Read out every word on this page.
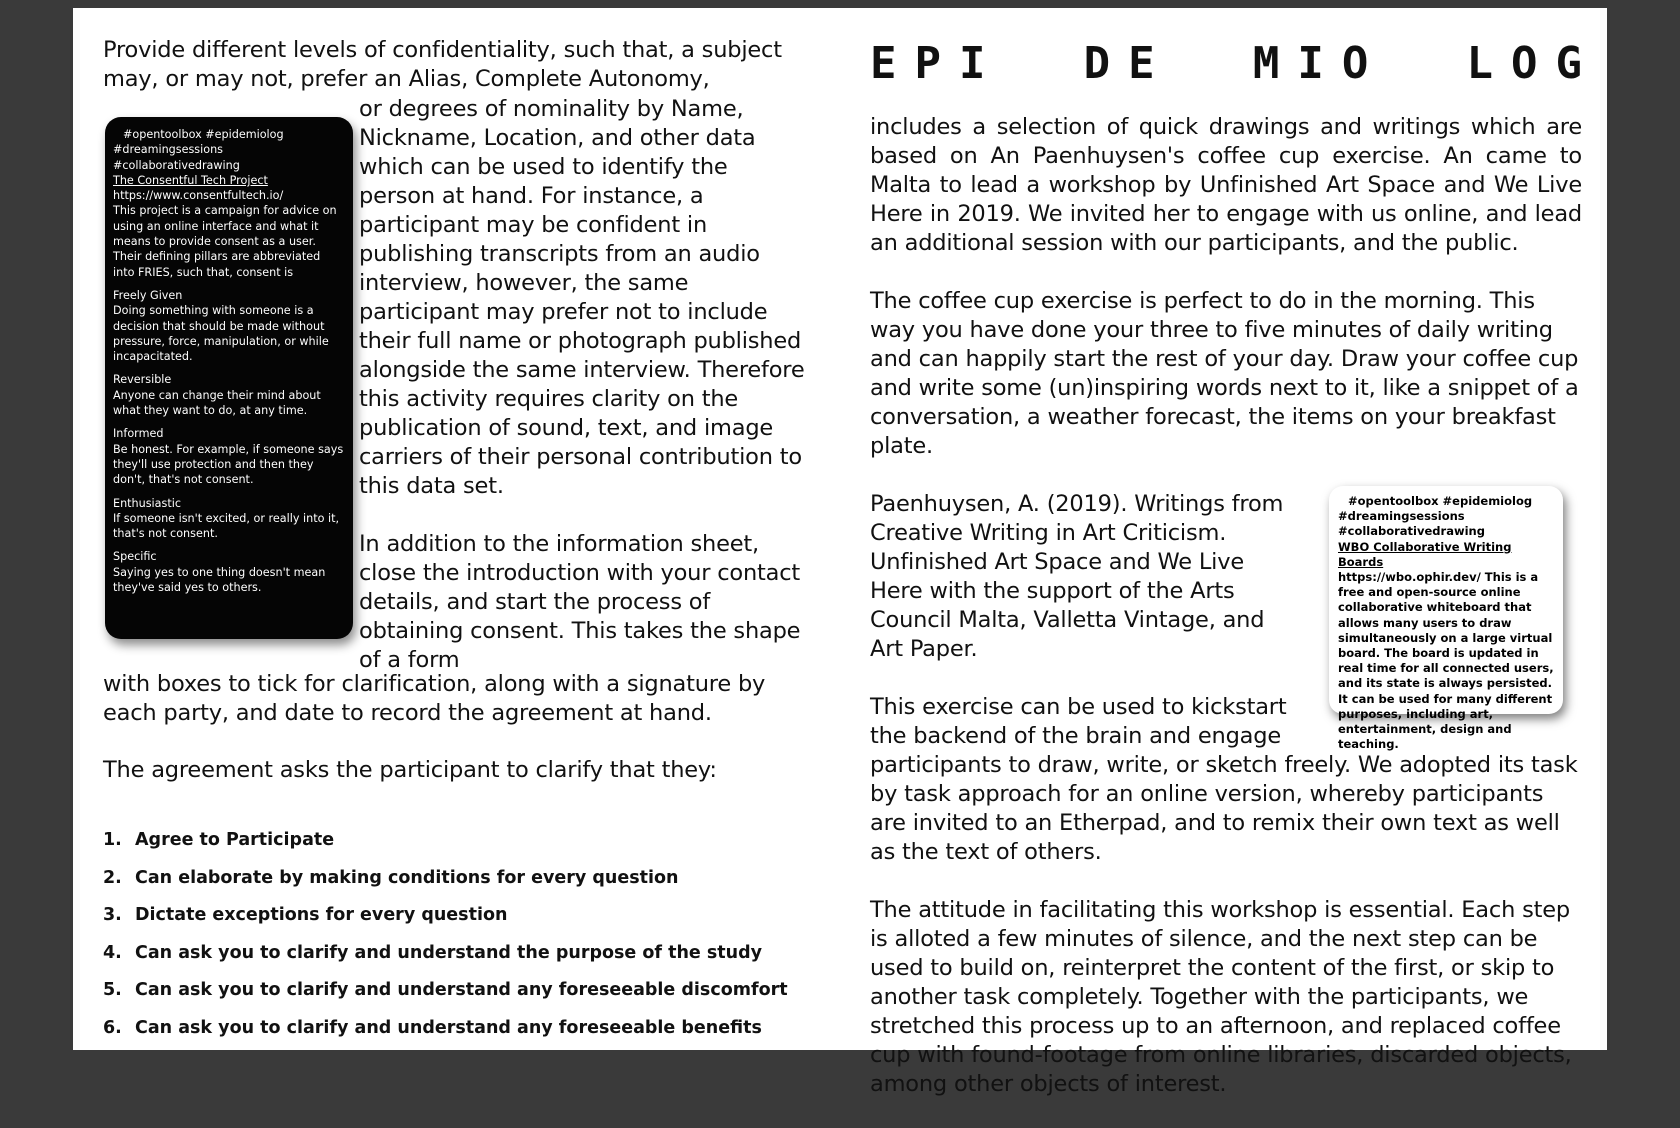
Provide different levels of confidentiality, such that, a subject

may, or may not, prefer an Alias, Complete Autonomy,

#opentoolbox #epidemiolog

#dreamingsessions

#collaborativedrawing

The Consentful Tech Project

https://www.consentfultech.io/

This project is a campaign for advice on using an online interface and what it means to provide consent as a user. Their defining pillars are abbreviated into FRIES, such that, consent is

Freely Given

Doing something with someone is a decision that should be made without pressure, force, manipulation, or while incapacitated.

Reversible

Anyone can change their mind about what they want to do, at any time.

Informed

Be honest. For example, if someone says they'll use protection and then they don't, that's not consent.

Enthusiastic

If someone isn't excited, or really into it, that's not consent.

Specific

Saying yes to one thing doesn't mean they've said yes to others.

or degrees of nominality by Name, Nickname, Location, and other data which can be used to identify the person at hand. For instance, a participant may be confident in publishing transcripts from an audio interview, however, the same participant may prefer not to include their full name or photograph published alongside the same interview. Therefore this activity requires clarity on the publication of sound, text, and image carriers of their personal contribution to this data set.

In addition to the information sheet, close the introduction with your contact details, and start the process of obtaining consent. This takes the shape of a form

with boxes to tick for clarification, along with a signature by each party, and date to record the agreement at hand.

The agreement asks the participant to clarify that they:

1. Agree to Participate
2. Can elaborate by making conditions for every question
3. Dictate exceptions for every question
4. Can ask you to clarify and understand the purpose of the study
5. Can ask you to clarify and understand any foreseeable discomfort
6. Can ask you to clarify and understand any foreseeable benefits
EPI DE MIO LOG

includes a selection of quick drawings and writings which are based on An Paenhuysen's coffee cup exercise. An came to Malta to lead a workshop by Unfinished Art Space and We Live Here in 2019. We invited her to engage with us online, and lead an additional session with our participants, and the public.

The coffee cup exercise is perfect to do in the morning. This way you have done your three to five minutes of daily writing and can happily start the rest of your day. Draw your coffee cup and write some (un)inspiring words next to it, like a snippet of a conversation, a weather forecast, the items on your breakfast plate.

Paenhuysen, A. (2019). Writings from Creative Writing in Art Criticism. Unfinished Art Space and We Live Here with the support of the Arts Council Malta, Valletta Vintage, and Art Paper.

This exercise can be used to kickstart the backend of the brain and engage participants to draw, write, or sketch freely. We adopted its task by task approach for an online version, whereby participants are invited to an Etherpad, and to remix their own text as well as the text of others.

The attitude in facilitating this workshop is essential. Each step is alloted a few minutes of silence, and the next step can be used to build on, reinterpret the content of the first, or skip to another task completely. Together with the participants, we stretched this process up to an afternoon, and replaced coffee cup with found-footage from online libraries, discarded objects, among other objects of interest.

#opentoolbox #epidemiolog

#dreamingsessions

#collaborativedrawing

WBO Collaborative Writing Boards

https://wbo.ophir.dev/ This is a free and open-source online collaborative whiteboard that allows many users to draw simultaneously on a large virtual board. The board is updated in real time for all connected users, and its state is always persisted. It can be used for many different purposes, including art, entertainment, design and teaching.
